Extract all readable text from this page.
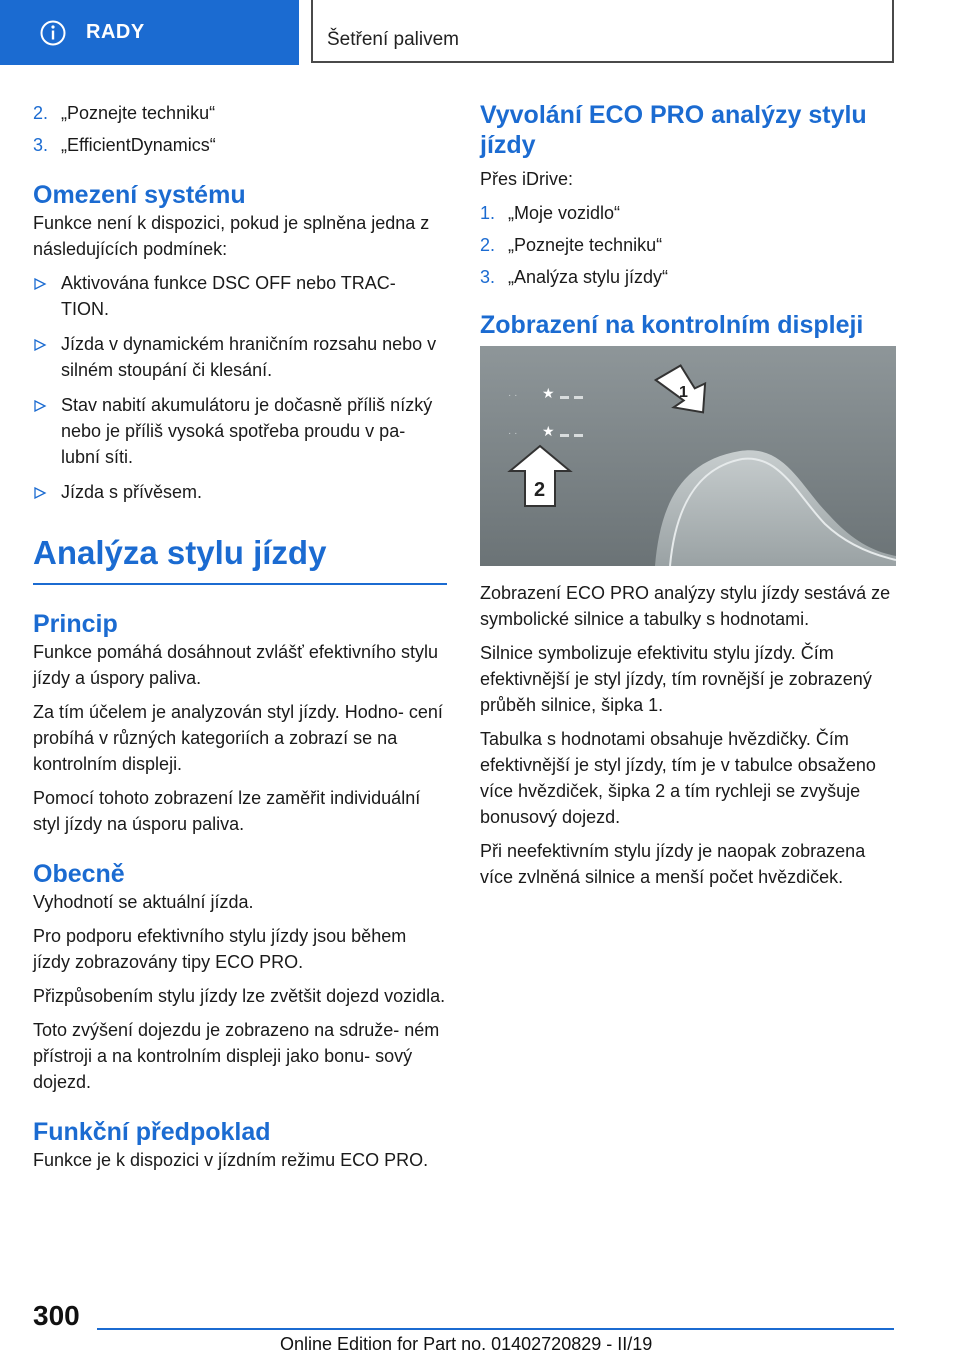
RADY	Šetření palivem
2. „Poznejte techniku“
3. „EfficientDynamics“
Omezení systému

Funkce není k dispozici, pokud je splněna jedna z následujících podmínek:

Aktivována funkce DSC OFF nebo TRAC‐ TION.
Jízda v dynamickém hraničním rozsahu nebo v silném stoupání či klesání.
Stav nabití akumulátoru je dočasně příliš nízký nebo je příliš vysoká spotřeba proudu v pa‐ lubní síti.
Jízda s přívěsem.
Analýza stylu jízdy
Princip

Funkce pomáhá dosáhnout zvlášť efektivního stylu jízdy a úspory paliva.

Za tím účelem je analyzován styl jízdy. Hodno‐ cení probíhá v různých kategoriích a zobrazí se na kontrolním displeji.

Pomocí tohoto zobrazení lze zaměřit individuální styl jízdy na úsporu paliva.

Obecně

Vyhodnotí se aktuální jízda.

Pro podporu efektivního stylu jízdy jsou během jízdy zobrazovány tipy ECO PRO.

Přizpůsobením stylu jízdy lze zvětšit dojezd vozidla.

Toto zvýšení dojezdu je zobrazeno na sdruže‐ ném přístroji a na kontrolním displeji jako bonu‐ sový dojezd.

Funkční předpoklad

Funkce je k dispozici v jízdním režimu ECO PRO.

Vyvolání ECO PRO analýzy stylu jízdy

Přes iDrive:

1. „Moje vozidlo“
2. „Poznejte techniku“
3. „Analýza stylu jízdy“
Zobrazení na kontrolním displeji
· · ★
· · ★
1
2

Zobrazení ECO PRO analýzy stylu jízdy sestává ze symbolické silnice a tabulky s hodnotami.

Silnice symbolizuje efektivitu stylu jízdy. Čím efektivnější je styl jízdy, tím rovnější je zobrazený průběh silnice, šipka 1.

Tabulka s hodnotami obsahuje hvězdičky. Čím efektivnější je styl jízdy, tím je v tabulce obsaženo více hvězdiček, šipka 2 a tím rychleji se zvyšuje bonusový dojezd.

Při neefektivním stylu jízdy je naopak zobrazena více zvlněná silnice a menší počet hvězdiček.

300
Online Edition for Part no. 01402720829 - II/19
